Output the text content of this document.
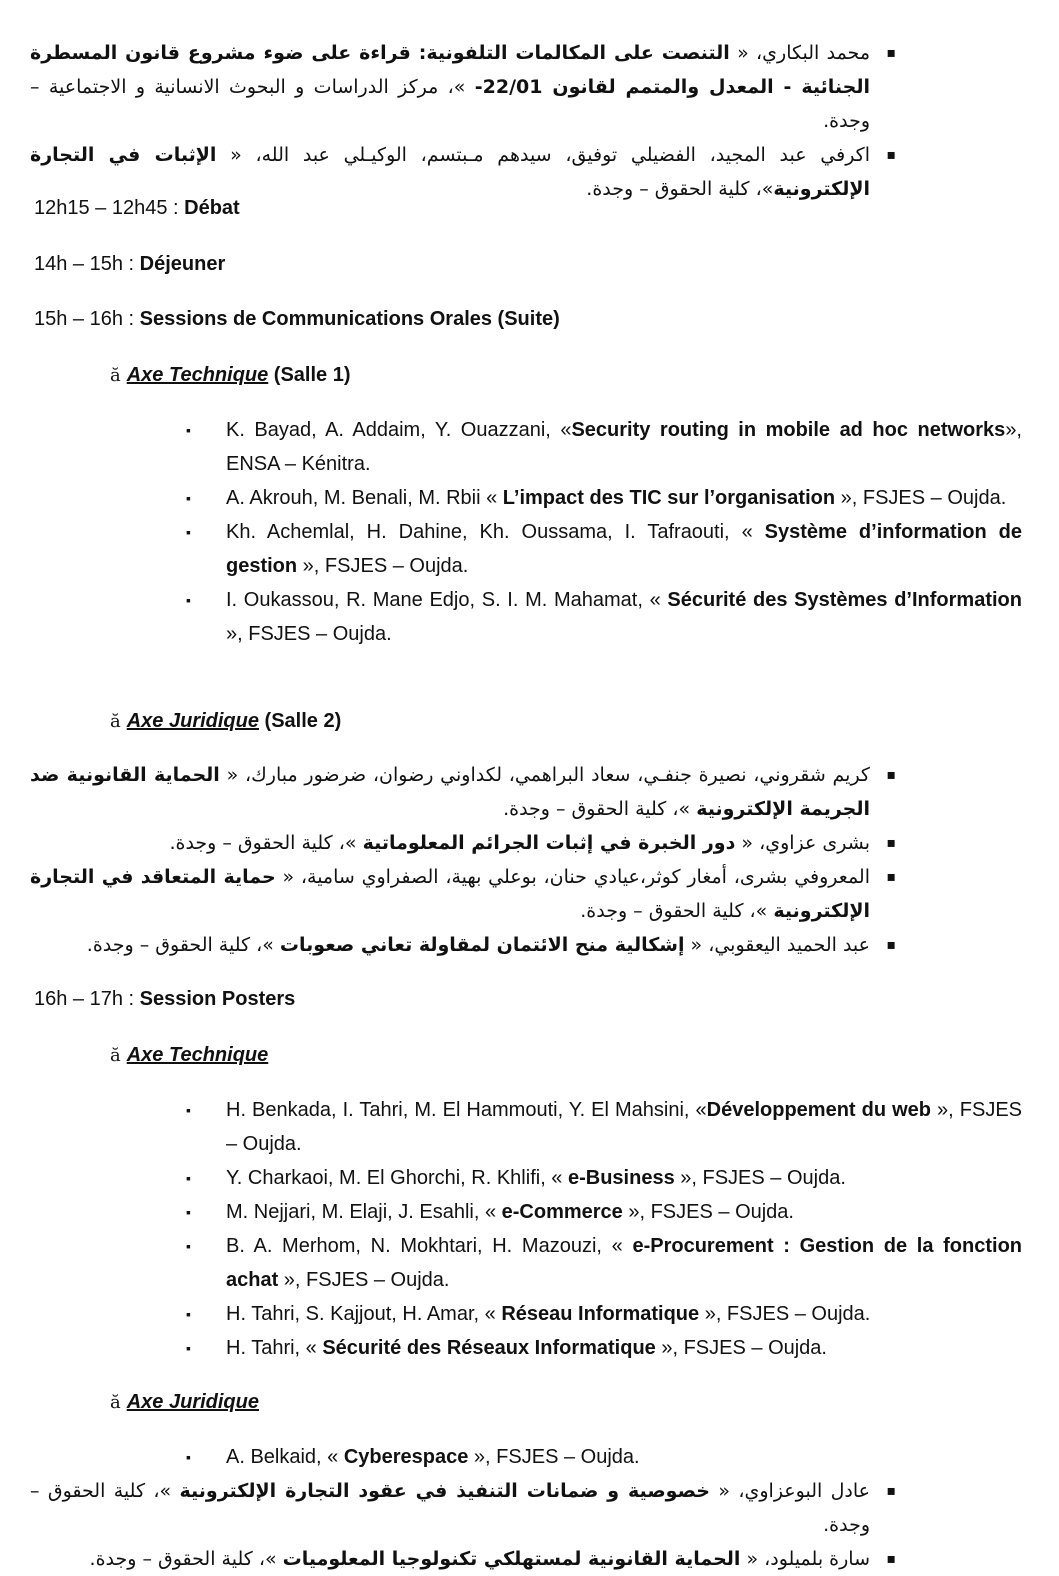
▪
محمد البكاري، « التنصت على المكالمات التلفونية: قراءة على ضوء مشروع قانون المسطرة الجنائية - المعدل والمتمم لقانون 22/01- »، مركز الدراسات و البحوث الانسانية و الاجتماعية – وجدة.
▪
اكرفي عبد المجيد، الفضيلي توفيق، سيدهم مـبتسم، الوكيـلي عبد الله، « الإثبات في التجارة الإلكترونية»، كلية الحقوق – وجدة.
12h15 – 12h45 : Débat
14h – 15h : Déjeuner
15h – 16h : Sessions de Communications Orales (Suite)
ă Axe Technique (Salle 1)
▪ K. Bayad, A. Addaim, Y. Ouazzani, «Security routing in mobile ad hoc networks», ENSA – Kénitra.
▪ A. Akrouh, M. Benali, M. Rbii « L’impact des TIC sur l’organisation », FSJES – Oujda.
▪ Kh. Achemlal, H. Dahine, Kh. Oussama, I. Tafraouti, « Système d’information de gestion », FSJES – Oujda.
▪ I. Oukassou, R. Mane Edjo, S. I. M. Mahamat, « Sécurité des Systèmes d’Information », FSJES – Oujda.
ă Axe Juridique (Salle 2)
▪
كريم شقروني، نصيرة جنفـي، سعاد البراهمي، لكداوني رضوان، ضرضور مبارك، « الحماية القانونية ضد الجريمة الإلكترونية »، كلية الحقوق – وجدة.
▪
بشرى عزاوي، « دور الخبرة في إثبات الجرائم المعلوماتية »، كلية الحقوق – وجدة.
▪
المعروفي بشرى، أمغار كوثر،عيادي حنان، بوعلي بهية، الصفراوي سامية، « حماية المتعاقد في التجارة الإلكترونية »، كلية الحقوق – وجدة.
▪
عبد الحميد اليعقوبي، « إشكالية منح الائتمان لمقاولة تعاني صعوبات »، كلية الحقوق – وجدة.
16h – 17h : Session Posters
ă Axe Technique
▪ H. Benkada, I. Tahri, M. El Hammouti, Y. El Mahsini, «Développement du web », FSJES – Oujda.
▪ Y. Charkaoi, M. El Ghorchi, R. Khlifi, « e-Business », FSJES – Oujda.
▪ M. Nejjari, M. Elaji, J. Esahli, « e-Commerce », FSJES – Oujda.
▪ B. A. Merhom, N. Mokhtari, H. Mazouzi, « e-Procurement : Gestion de la fonction achat », FSJES – Oujda.
▪ H. Tahri, S. Kajjout, H. Amar, « Réseau Informatique », FSJES – Oujda.
▪ H. Tahri, « Sécurité des Réseaux Informatique », FSJES – Oujda.
ă Axe Juridique
▪ A. Belkaid, « Cyberespace », FSJES – Oujda.
▪
عادل البوعزاوي، « خصوصية و ضمانات التنفيذ في عقود التجارة الإلكترونية »، كلية الحقوق – وجدة.
▪
سارة بلميلود، « الحماية القانونية لمستهلكي تكنولوجيا المعلوميات »، كلية الحقوق – وجدة.
